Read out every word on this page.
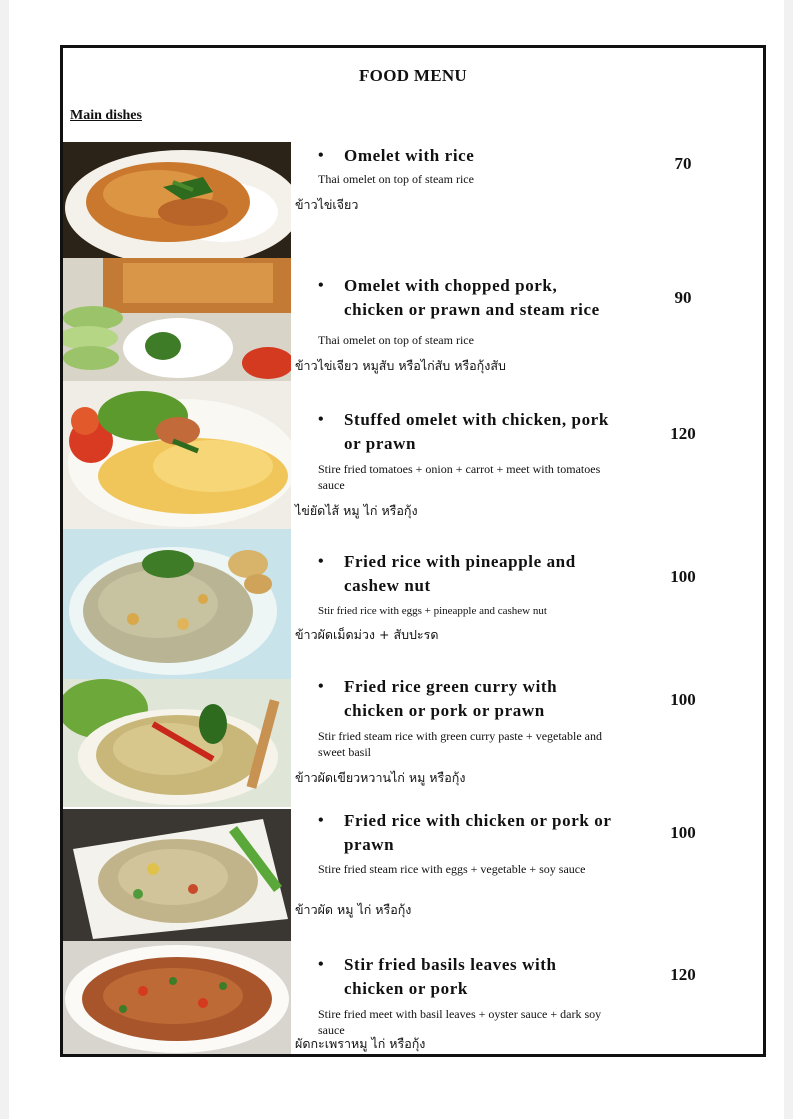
FOOD MENU
Main dishes
•	Omelet with rice
Thai omelet on top of steam rice
ข้าวไข่เจียว
70
•	Omelet with chopped pork, chicken or prawn and steam rice
Thai omelet on top of steam rice
ข้าวไข่เจียว หมูสับ หรือไก่สับ หรือกุ้งสับ
90
•	Stuffed omelet with chicken, pork or prawn
Stire fried tomatoes + onion + carrot + meet with tomatoes sauce
ไข่ยัดไส้ หมู ไก่ หรือกุ้ง
120
•	Fried rice with pineapple and cashew nut
Stir fried rice with eggs + pineapple and cashew nut
ข้าวผัดเม็ดม่วง + สับปะรด
100
•	Fried rice green curry with chicken or pork or prawn
Stir fried steam rice with green curry paste + vegetable and sweet basil
ข้าวผัดเขียวหวานไก่ หมู หรือกุ้ง
100
•	Fried rice with chicken or pork or prawn
Stire fried steam rice with eggs + vegetable + soy sauce
ข้าวผัด หมู ไก่ หรือกุ้ง
100
•	Stir fried basils leaves with chicken or pork
Stire fried meet with basil leaves + oyster sauce + dark soy sauce
ผัดกะเพราหมู ไก่ หรือกุ้ง
120
